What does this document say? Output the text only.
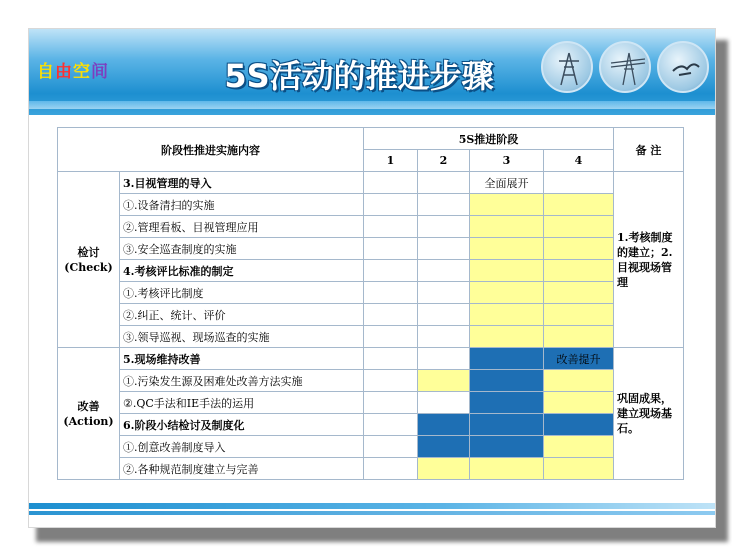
自由空间	5S活动的推进步骤
阶段性推进实施内容		5S推进阶段				备 注
		1	2	3	4	

检讨
(Check)	3.目视管理的导入			全面展开		1.考核制度的建立；2.目视现场管理
	①.设备清扫的实施					
	②.管理看板、目视管理应用					
	③.安全巡查制度的实施					
	4.考核评比标准的制定					
	①.考核评比制度					
	②.纠正、统计、评价					
	③.领导巡视、现场巡查的实施					

改善
(Action)	5.现场维持改善				改善提升	巩固成果，建立现场基石。
	①.污染发生源及困难处改善方法实施					
	②.QC手法和IE手法的运用					
	6.阶段小结检讨及制度化					
	①.创意改善制度导入					
	②.各种规范制度建立与完善					
